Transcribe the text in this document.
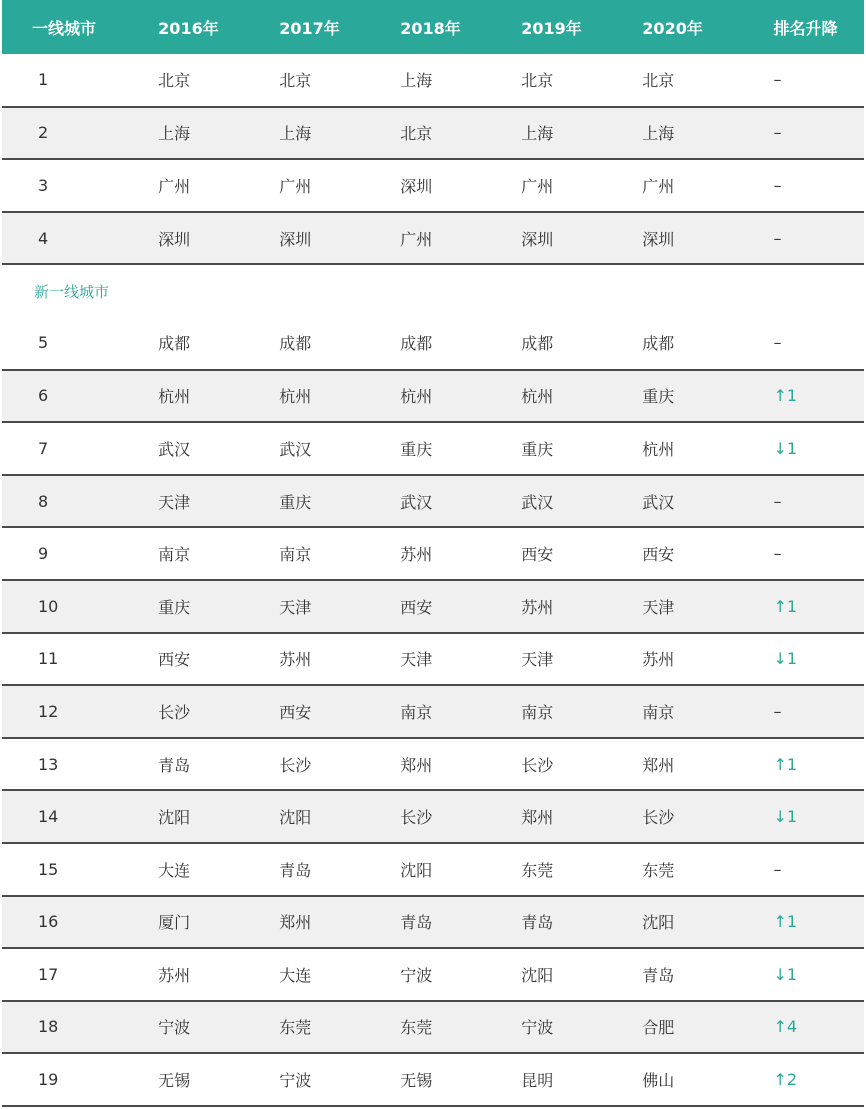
一线城市	2016年	2017年	2018年	2019年	2020年	排名升降
1	北京	北京	上海	北京	北京	–
2	上海	上海	北京	上海	上海	–
3	广州	广州	深圳	广州	广州	–
4	深圳	深圳	广州	深圳	深圳	–
新一线城市						
5	成都	成都	成都	成都	成都	–
6	杭州	杭州	杭州	杭州	重庆	↑1
7	武汉	武汉	重庆	重庆	杭州	↓1
8	天津	重庆	武汉	武汉	武汉	–
9	南京	南京	苏州	西安	西安	–
10	重庆	天津	西安	苏州	天津	↑1
11	西安	苏州	天津	天津	苏州	↓1
12	长沙	西安	南京	南京	南京	–
13	青岛	长沙	郑州	长沙	郑州	↑1
14	沈阳	沈阳	长沙	郑州	长沙	↓1
15	大连	青岛	沈阳	东莞	东莞	–
16	厦门	郑州	青岛	青岛	沈阳	↑1
17	苏州	大连	宁波	沈阳	青岛	↓1
18	宁波	东莞	东莞	宁波	合肥	↑4
19	无锡	宁波	无锡	昆明	佛山	↑2
